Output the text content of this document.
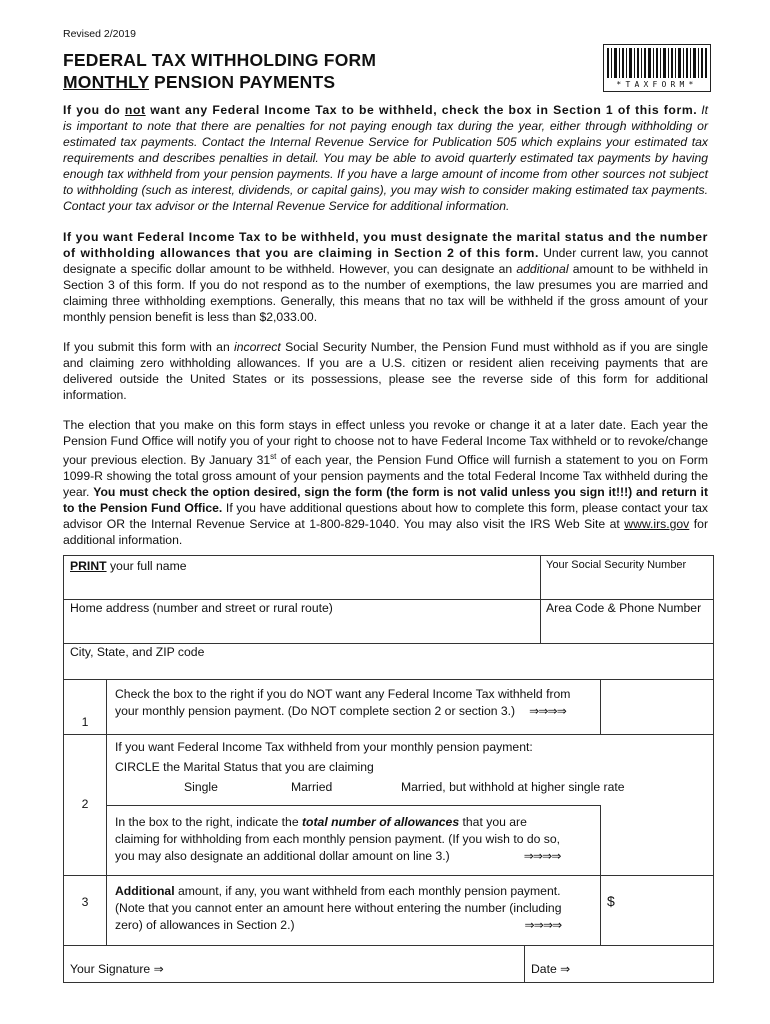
Revised 2/2019
FEDERAL TAX WITHHOLDING FORM
MONTHLY PENSION PAYMENTS	*TAXFORM*
If you do not want any Federal Income Tax to be withheld, check the box in Section 1 of this form. It is important to note that there are penalties for not paying enough tax during the year, either through withholding or estimated tax payments. Contact the Internal Revenue Service for Publication 505 which explains your estimated tax requirements and describes penalties in detail. You may be able to avoid quarterly estimated tax payments by having enough tax withheld from your pension payments. If you have a large amount of income from other sources not subject to withholding (such as interest, dividends, or capital gains), you may wish to consider making estimated tax payments. Contact your tax advisor or the Internal Revenue Service for additional information.
If you want Federal Income Tax to be withheld, you must designate the marital status and the number of withholding allowances that you are claiming in Section 2 of this form. Under current law, you cannot designate a specific dollar amount to be withheld. However, you can designate an additional amount to be withheld in Section 3 of this form. If you do not respond as to the number of exemptions, the law presumes you are married and claiming three withholding exemptions. Generally, this means that no tax will be withheld if the gross amount of your monthly pension benefit is less than $2,033.00.
If you submit this form with an incorrect Social Security Number, the Pension Fund must withhold as if you are single and claiming zero withholding allowances. If you are a U.S. citizen or resident alien receiving payments that are delivered outside the United States or its possessions, please see the reverse side of this form for additional information.
The election that you make on this form stays in effect unless you revoke or change it at a later date. Each year the Pension Fund Office will notify you of your right to choose not to have Federal Income Tax withheld or to revoke/change your previous election. By January 31st of each year, the Pension Fund Office will furnish a statement to you on Form 1099-R showing the total gross amount of your pension payments and the total Federal Income Tax withheld during the year. You must check the option desired, sign the form (the form is not valid unless you sign it!!!) and return it to the Pension Fund Office. If you have additional questions about how to complete this form, please contact your tax advisor OR the Internal Revenue Service at 1-800-829-1040. You may also visit the IRS Web Site at www.irs.gov for additional information.
PRINT your full name	Your Social Security Number
Home address (number and street or rural route)	Area Code & Phone Number
City, State, and ZIP code
1
Check the box to the right if you do NOT want any Federal Income Tax withheld from
your monthly pension payment. (Do NOT complete section 2 or section 3.) ⇒⇒⇒⇒
2
If you want Federal Income Tax withheld from your monthly pension payment:
CIRCLE the Marital Status that you are claiming
Single	Married	Married, but withhold at higher single rate
In the box to the right, indicate the total number of allowances that you are
claiming for withholding from each monthly pension payment. (If you wish to do so,
you may also designate an additional dollar amount on line 3.)	⇒⇒⇒⇒
3
Additional amount, if any, you want withheld from each monthly pension payment.
(Note that you cannot enter an amount here without entering the number (including
zero) of allowances in Section 2.)	⇒⇒⇒⇒
$
Your Signature ⇒	Date ⇒
